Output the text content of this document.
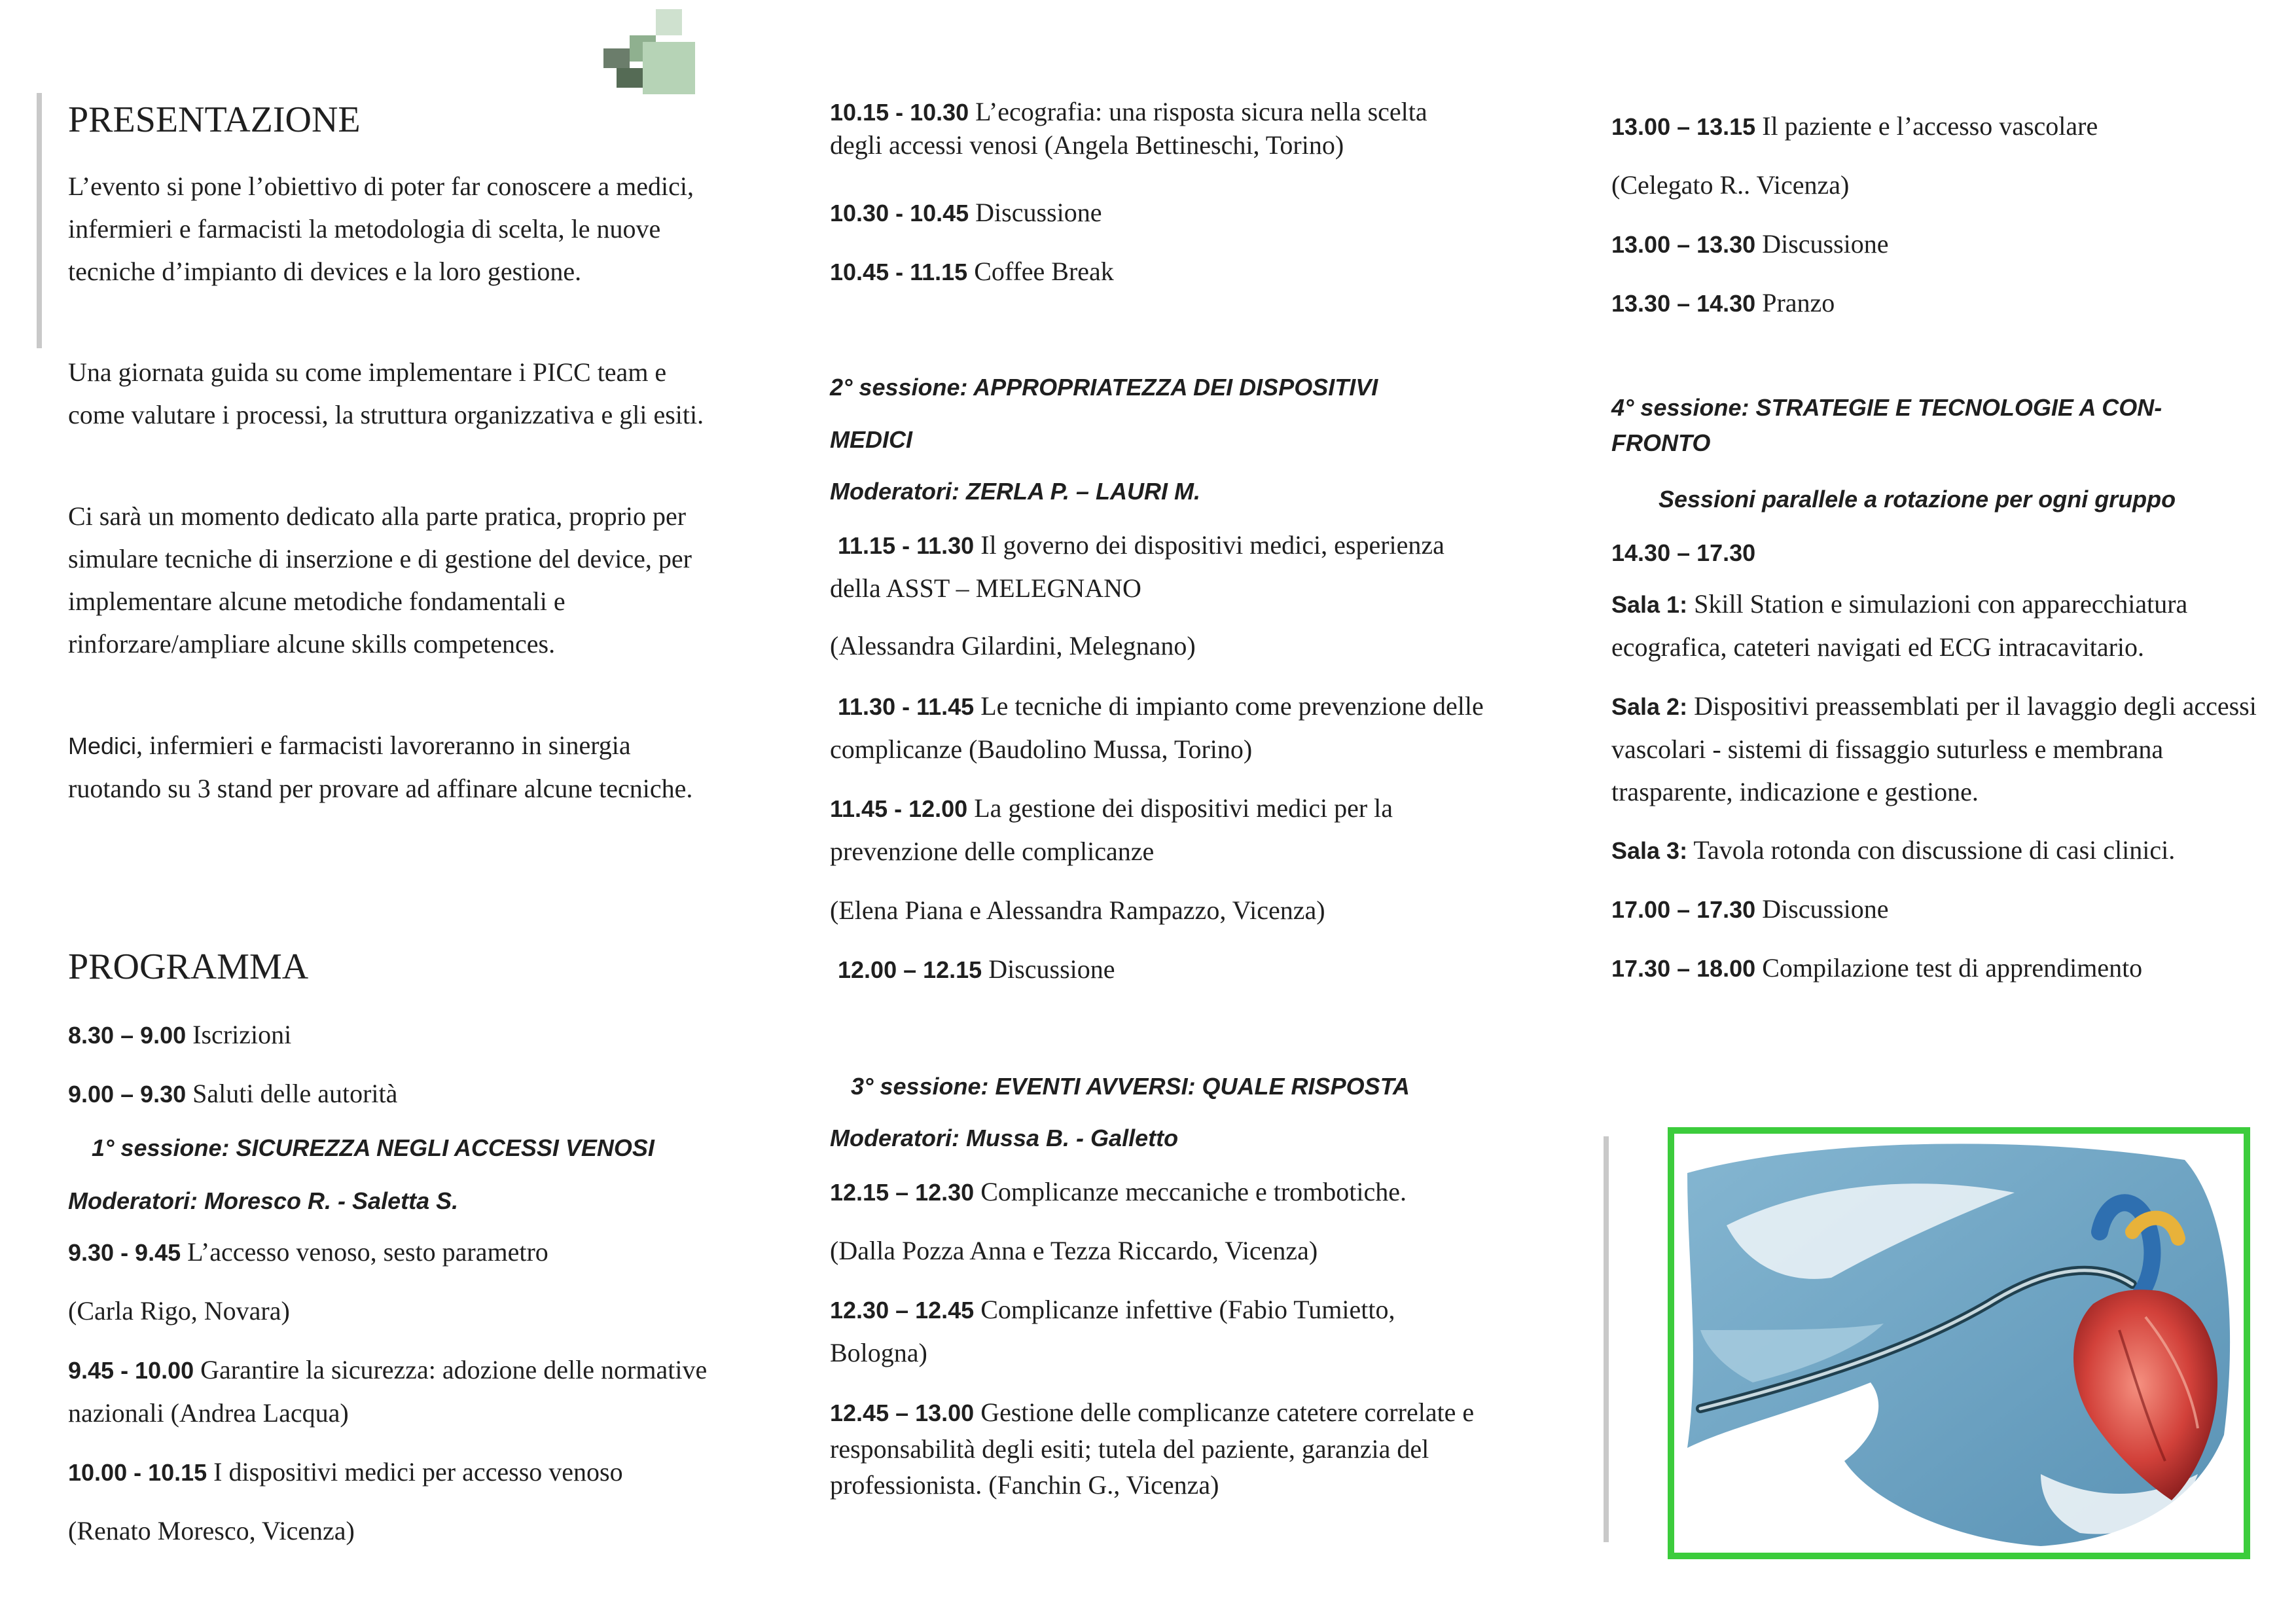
PRESENTAZIONE

L’evento si pone l’obiettivo di poter far conoscere a medici, infermieri e farmacisti la metodologia di scelta, le nuove tecniche d’impianto di devices e la loro gestione.

Una giornata guida su come implementare i PICC team e come valutare i processi, la struttura organizzativa e gli esiti.

Ci sarà un momento dedicato alla parte pratica, proprio per simulare tecniche di inserzione e di gestione del device, per implementare alcune metodiche fondamentali e rinforzare/ampliare alcune skills competences.

Medici, infermieri e farmacisti lavoreranno in sinergia ruotando su 3 stand per provare ad affinare alcune tecniche.

PROGRAMMA

8.30 – 9.00 Iscrizioni

9.00 – 9.30 Saluti delle autorità

1° sessione: SICUREZZA NEGLI ACCESSI VENOSI
Moderatori: Moresco R. - Saletta S.

9.30 - 9.45 L’accesso venoso, sesto parametro

(Carla Rigo, Novara)

9.45 - 10.00 Garantire la sicurezza: adozione delle normative nazionali (Andrea Lacqua)

10.00 - 10.15 I dispositivi medici per accesso venoso

(Renato Moresco, Vicenza)

10.15 - 10.30 L’ecografia: una risposta sicura nella scelta degli accessi venosi (Angela Bettineschi, Torino)

10.30 - 10.45 Discussione

10.45 - 11.15 Coffee Break

2° sessione: APPROPRIATEZZA DEI DISPOSITIVI
MEDICI
Moderatori: ZERLA P. – LAURI M.

11.15 - 11.30 Il governo dei dispositivi medici, esperienza della ASST – MELEGNANO

(Alessandra Gilardini, Melegnano)

11.30 - 11.45 Le tecniche di impianto come prevenzione delle complicanze (Baudolino Mussa, Torino)

11.45 - 12.00 La gestione dei dispositivi medici per la prevenzione delle complicanze

(Elena Piana e Alessandra Rampazzo, Vicenza)

12.00 – 12.15 Discussione

3° sessione: EVENTI AVVERSI: QUALE RISPOSTA
Moderatori: Mussa B. - Galletto

12.15 – 12.30 Complicanze meccaniche e trombotiche.

(Dalla Pozza Anna e Tezza Riccardo, Vicenza)

12.30 – 12.45 Complicanze infettive (Fabio Tumietto, Bologna)

12.45 – 13.00 Gestione delle complicanze catetere correlate e responsabilità degli esiti; tutela del paziente, garanzia del professionista. (Fanchin G., Vicenza)

13.00 – 13.15 Il paziente e l’accesso vascolare

(Celegato R.. Vicenza)

13.00 – 13.30 Discussione

13.30 – 14.30 Pranzo

4° sessione: STRATEGIE E TECNOLOGIE A CON-
FRONTO
Sessioni parallele a rotazione per ogni gruppo
14.30 – 17.30

Sala 1: Skill Station e simulazioni con apparecchiatura ecografica, cateteri navigati ed ECG intracavitario.

Sala 2: Dispositivi preassemblati per il lavaggio degli accessi vascolari - sistemi di fissaggio suturless e membrana trasparente, indicazione e gestione.

Sala 3: Tavola rotonda con discussione di casi clinici.

17.00 – 17.30 Discussione

17.30 – 18.00 Compilazione test di apprendimento
